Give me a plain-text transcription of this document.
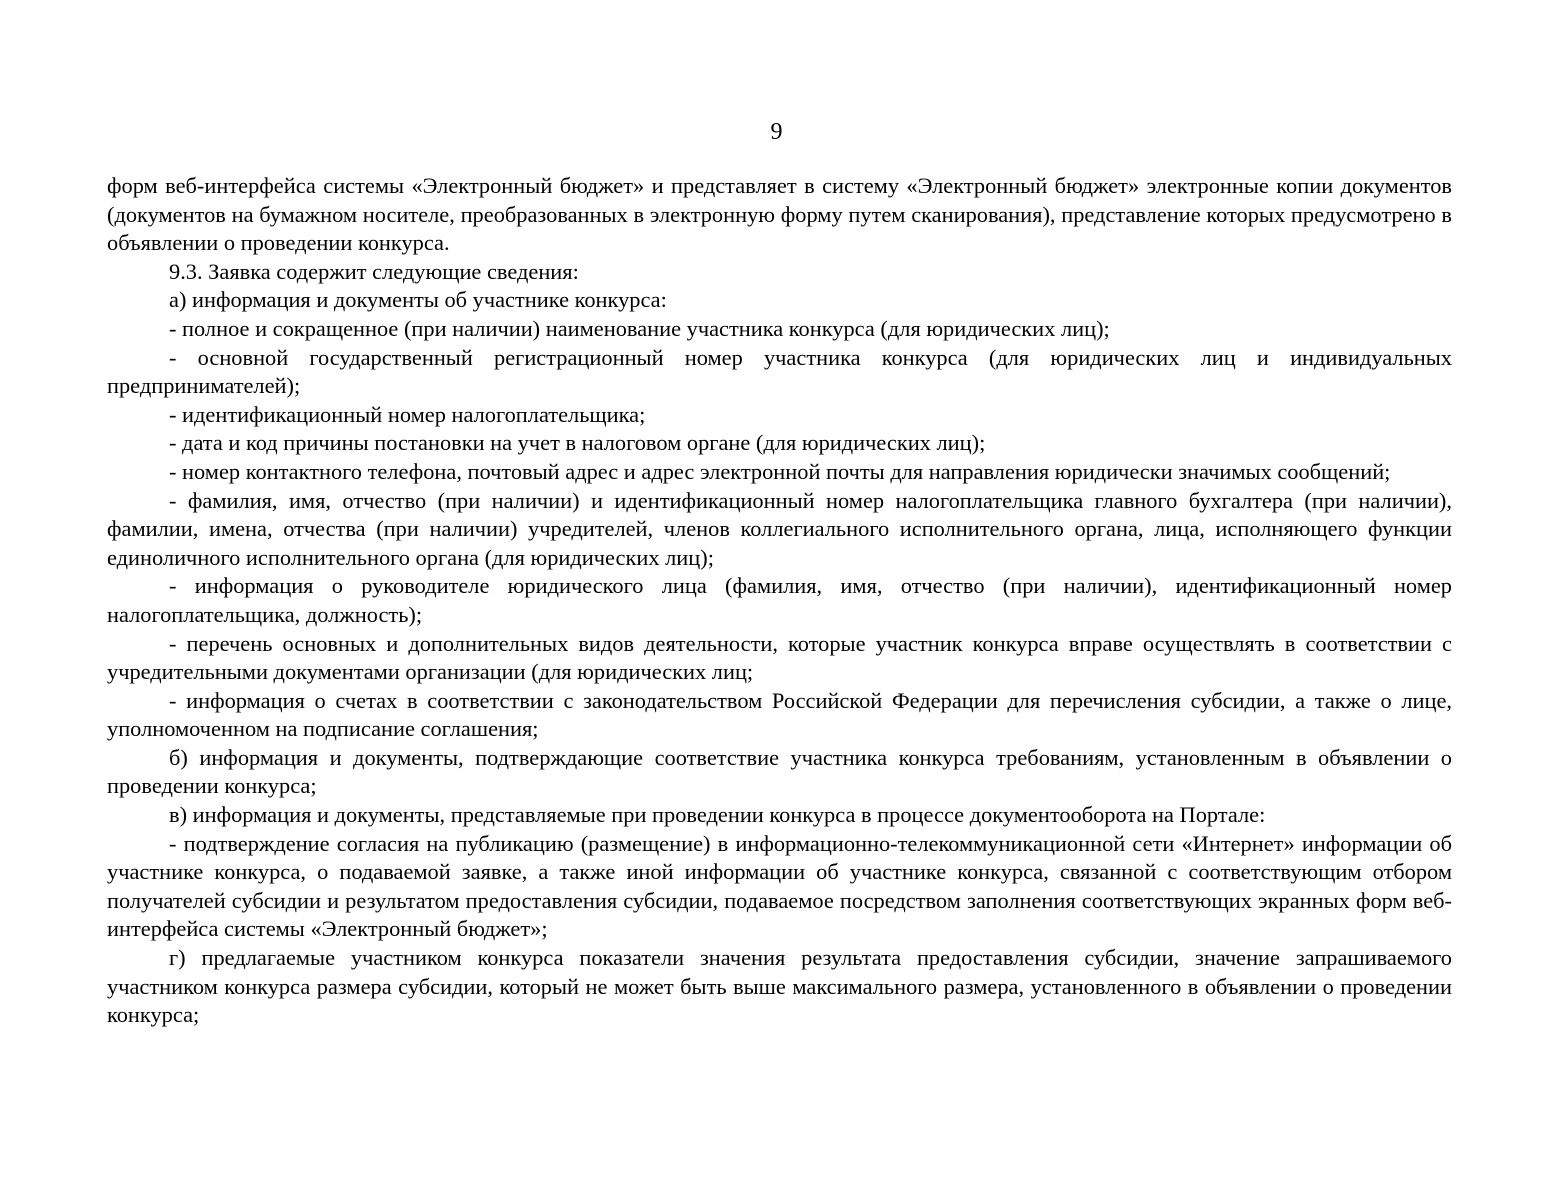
9

форм веб-интерфейса системы «Электронный бюджет» и представляет в систему «Электронный бюджет» электронные копии документов (документов на бумажном носителе, преобразованных в электронную форму путем сканирования), представление которых предусмотрено в объявлении о проведении конкурса.

9.3. Заявка содержит следующие сведения:

а) информация и документы об участнике конкурса:

- полное и сокращенное (при наличии) наименование участника конкурса (для юридических лиц);

- основной государственный регистрационный номер участника конкурса (для юридических лиц и индивидуальных предпринимателей);

- идентификационный номер налогоплательщика;

- дата и код причины постановки на учет в налоговом органе (для юридических лиц);

- номер контактного телефона, почтовый адрес и адрес электронной почты для направления юридически значимых сообщений;

- фамилия, имя, отчество (при наличии) и идентификационный номер налогоплательщика главного бухгалтера (при наличии), фамилии, имена, отчества (при наличии) учредителей, членов коллегиального исполнительного органа, лица, исполняющего функции единоличного исполнительного органа (для юридических лиц);

- информация о руководителе юридического лица (фамилия, имя, отчество (при наличии), идентификационный номер налогоплательщика, должность);

- перечень основных и дополнительных видов деятельности, которые участник конкурса вправе осуществлять в соответствии с учредительными документами организации (для юридических лиц;

- информация о счетах в соответствии с законодательством Российской Федерации для перечисления субсидии, а также о лице, уполномоченном на подписание соглашения;

б) информация и документы, подтверждающие соответствие участника конкурса требованиям, установленным в объявлении о проведении конкурса;

в) информация и документы, представляемые при проведении конкурса в процессе документооборота на Портале:

- подтверждение согласия на публикацию (размещение) в информационно-телекоммуникационной сети «Интернет» информации об участнике конкурса, о подаваемой заявке, а также иной информации об участнике конкурса, связанной с соответствующим отбором получателей субсидии и результатом предоставления субсидии, подаваемое посредством заполнения соответствующих экранных форм веб-интерфейса системы «Электронный бюджет»;

г) предлагаемые участником конкурса показатели значения результата предоставления субсидии, значение запрашиваемого участником конкурса размера субсидии, который не может быть выше максимального размера, установленного в объявлении о проведении конкурса;
